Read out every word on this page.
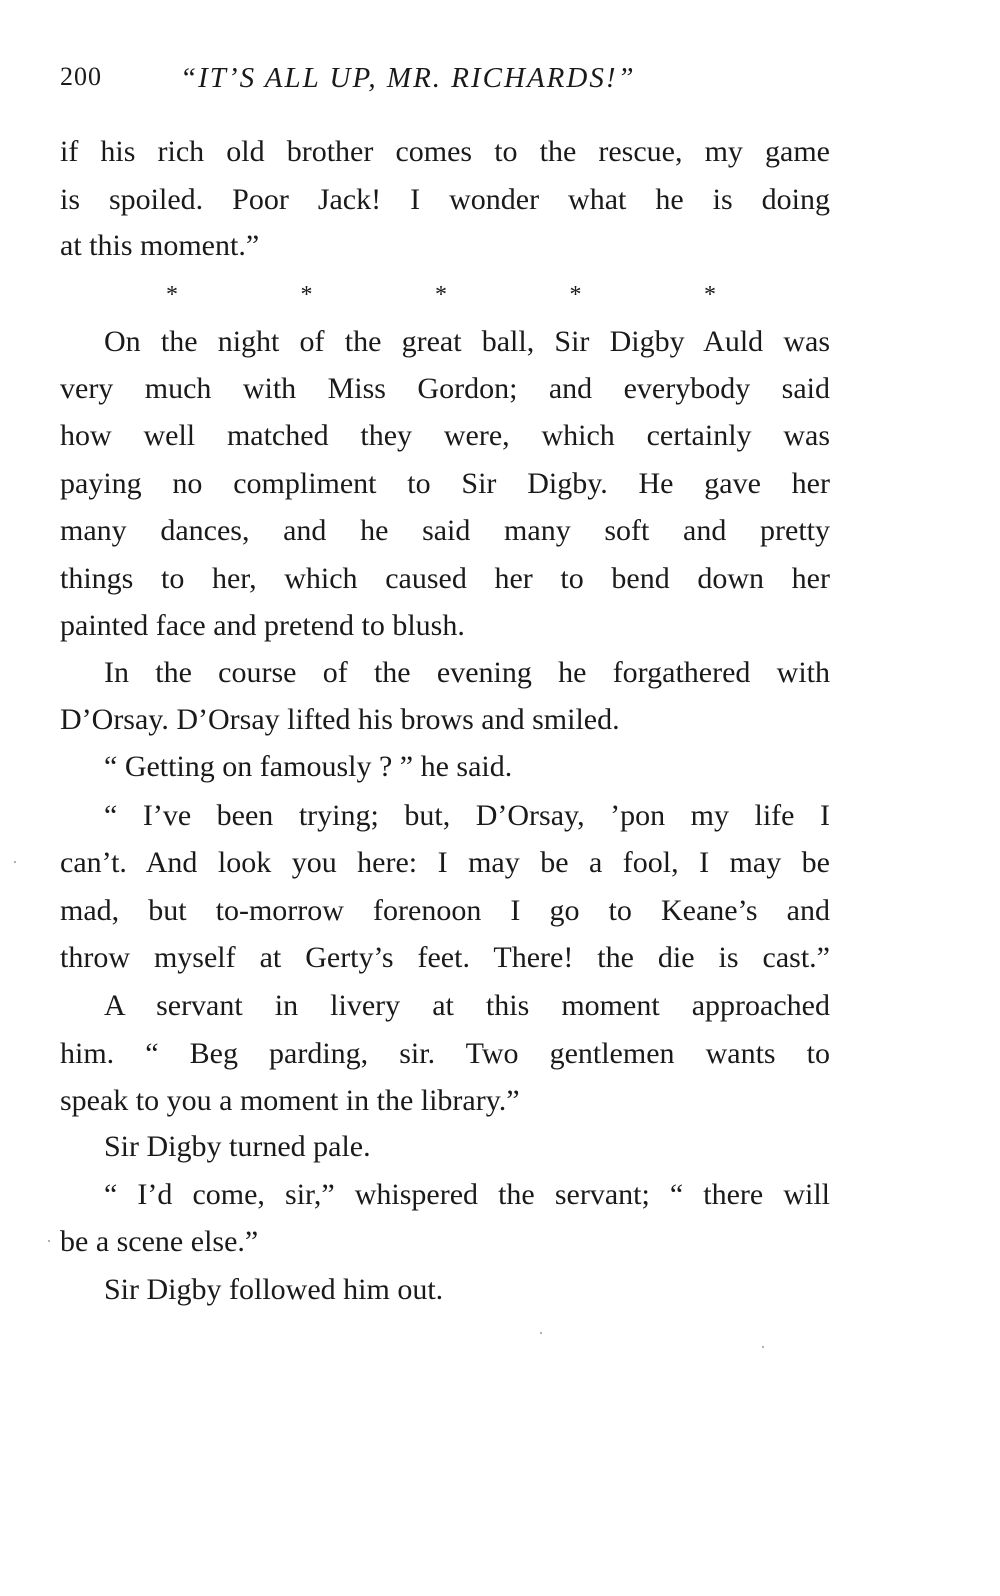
200	“IT’S ALL UP, MR. RICHARDS!”
if his rich old brother comes to the rescue, my game
is spoiled. Poor Jack! I wonder what he is doing
at this moment.”
*	*	*	*	*
On the night of the great ball, Sir Digby Auld was
very much with Miss Gordon; and everybody said
how well matched they were, which certainly was
paying no compliment to Sir Digby. He gave her
many dances, and he said many soft and pretty
things to her, which caused her to bend down her
painted face and pretend to blush.
In the course of the evening he forgathered with
D’Orsay. D’Orsay lifted his brows and smiled.
“ Getting on famously ? ” he said.
“ I’ve been trying; but, D’Orsay, ’pon my life I
can’t. And look you here: I may be a fool, I may be
mad, but to-morrow forenoon I go to Keane’s and
throw myself at Gerty’s feet. There! the die is cast.”
A servant in livery at this moment approached
him. “ Beg parding, sir. Two gentlemen wants to
speak to you a moment in the library.”
Sir Digby turned pale.
“ I’d come, sir,” whispered the servant; “ there will
be a scene else.”
Sir Digby followed him out.
